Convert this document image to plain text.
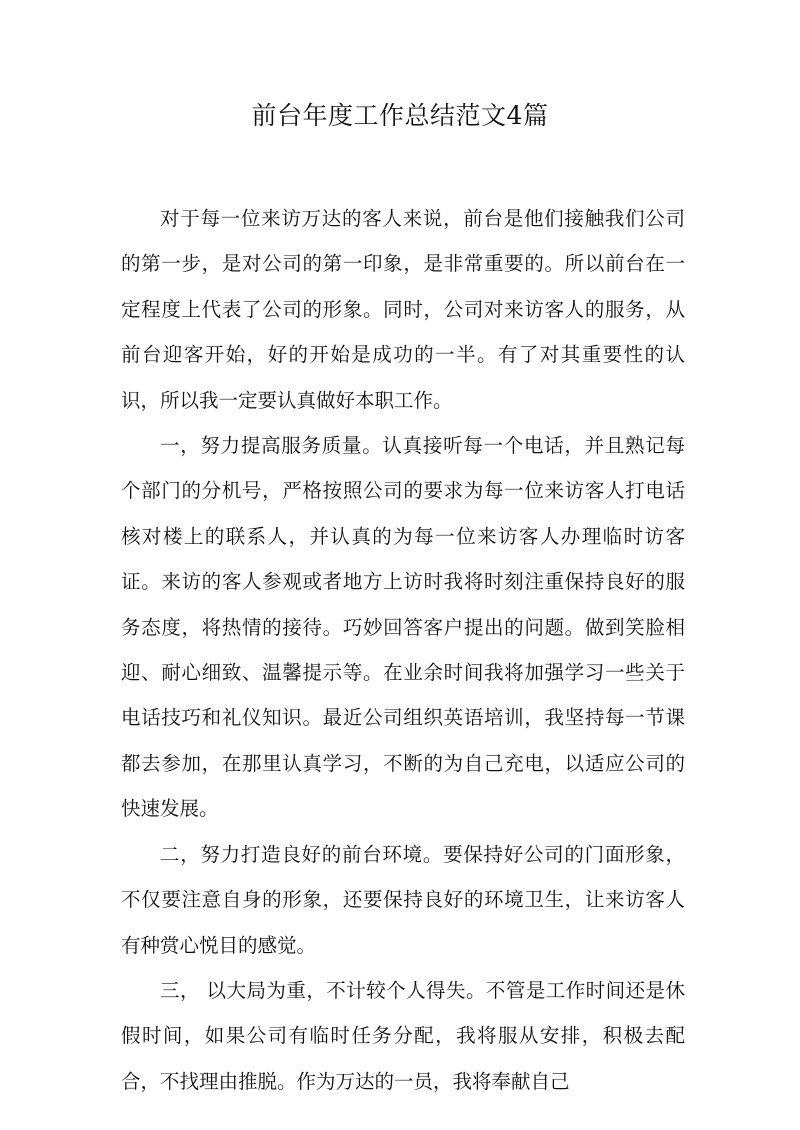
前台年度工作总结范文4篇

对于每一位来访万达的客人来说，前台是他们接触我们公司的第一步，是对公司的第一印象，是非常重要的。所以前台在一定程度上代表了公司的形象。同时，公司对来访客人的服务，从前台迎客开始，好的开始是成功的一半。有了对其重要性的认识，所以我一定要认真做好本职工作。

一，努力提高服务质量。认真接听每一个电话，并且熟记每个部门的分机号，严格按照公司的要求为每一位来访客人打电话核对楼上的联系人，并认真的为每一位来访客人办理临时访客证。来访的客人参观或者地方上访时我将时刻注重保持良好的服务态度，将热情的接待。巧妙回答客户提出的问题。做到笑脸相迎、耐心细致、温馨提示等。在业余时间我将加强学习一些关于电话技巧和礼仪知识。最近公司组织英语培训，我坚持每一节课都去参加，在那里认真学习，不断的为自己充电，以适应公司的快速发展。

二，努力打造良好的前台环境。要保持好公司的门面形象，不仅要注意自身的形象，还要保持良好的环境卫生，让来访客人有种赏心悦目的感觉。

三， 以大局为重，不计较个人得失。不管是工作时间还是休假时间，如果公司有临时任务分配，我将服从安排，积极去配合，不找理由推脱。作为万达的一员，我将奉献自己
